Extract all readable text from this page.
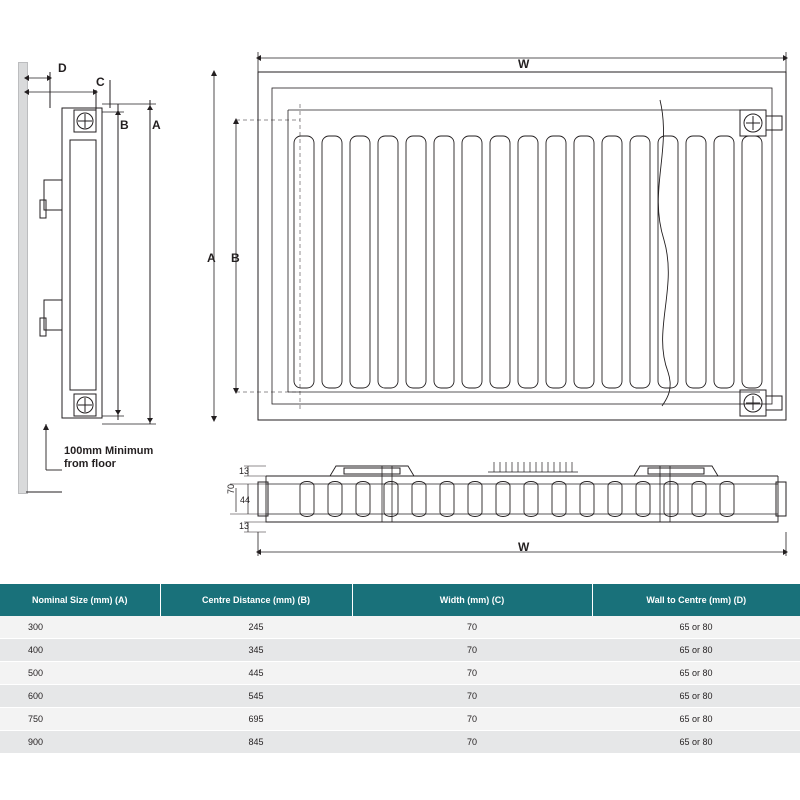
D
C
B A
100mm Minimum
from floor
W
A B
13
70
44
13
W
Nominal Size (mm) (A)	Centre Distance (mm) (B)	Width (mm) (C)	Wall to Centre (mm) (D)
300	245	70	65 or 80
400	345	70	65 or 80
500	445	70	65 or 80
600	545	70	65 or 80
750	695	70	65 or 80
900	845	70	65 or 80
